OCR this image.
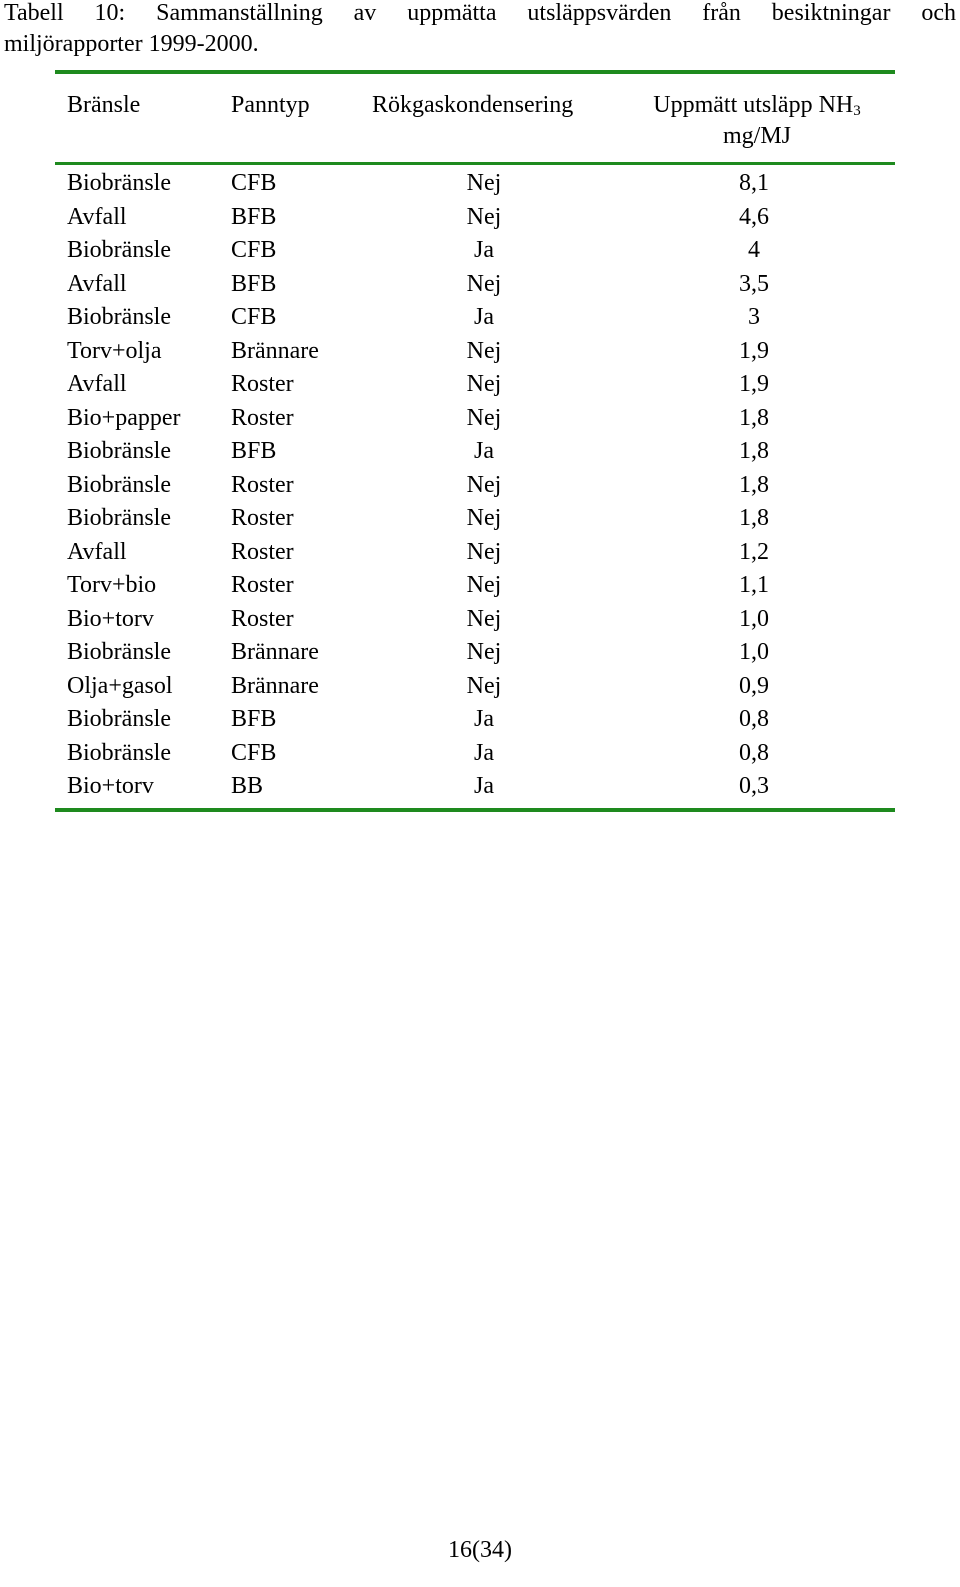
Tabell 10: Sammanställning av uppmätta utsläppsvärden från besiktningar och
miljörapporter 1999-2000.
Bränsle	Panntyp	Rökgaskondensering	Uppmätt utsläpp $NH_3$
mg/MJ
Biobränsle	CFB	Nej	8,1
Avfall	BFB	Nej	4,6
Biobränsle	CFB	Ja	4
Avfall	BFB	Nej	3,5
Biobränsle	CFB	Ja	3
Torv+olja	Brännare	Nej	1,9
Avfall	Roster	Nej	1,9
Bio+papper Roster	Nej	1,8
Biobränsle	BFB	Ja	1,8
Biobränsle	Roster	Nej	1,8
Biobränsle	Roster	Nej	1,8
Avfall	Roster	Nej	1,2
Torv+bio	Roster	Nej	1,1
Bio+torv	Roster	Nej	1,0
Biobränsle	Brännare	Nej	1,0
Olja+gasol Brännare	Nej	0,9
Biobränsle	BFB	Ja	0,8
Biobränsle	CFB	Ja	0,8
Bio+torv	BB	Ja	0,3
16(34)
